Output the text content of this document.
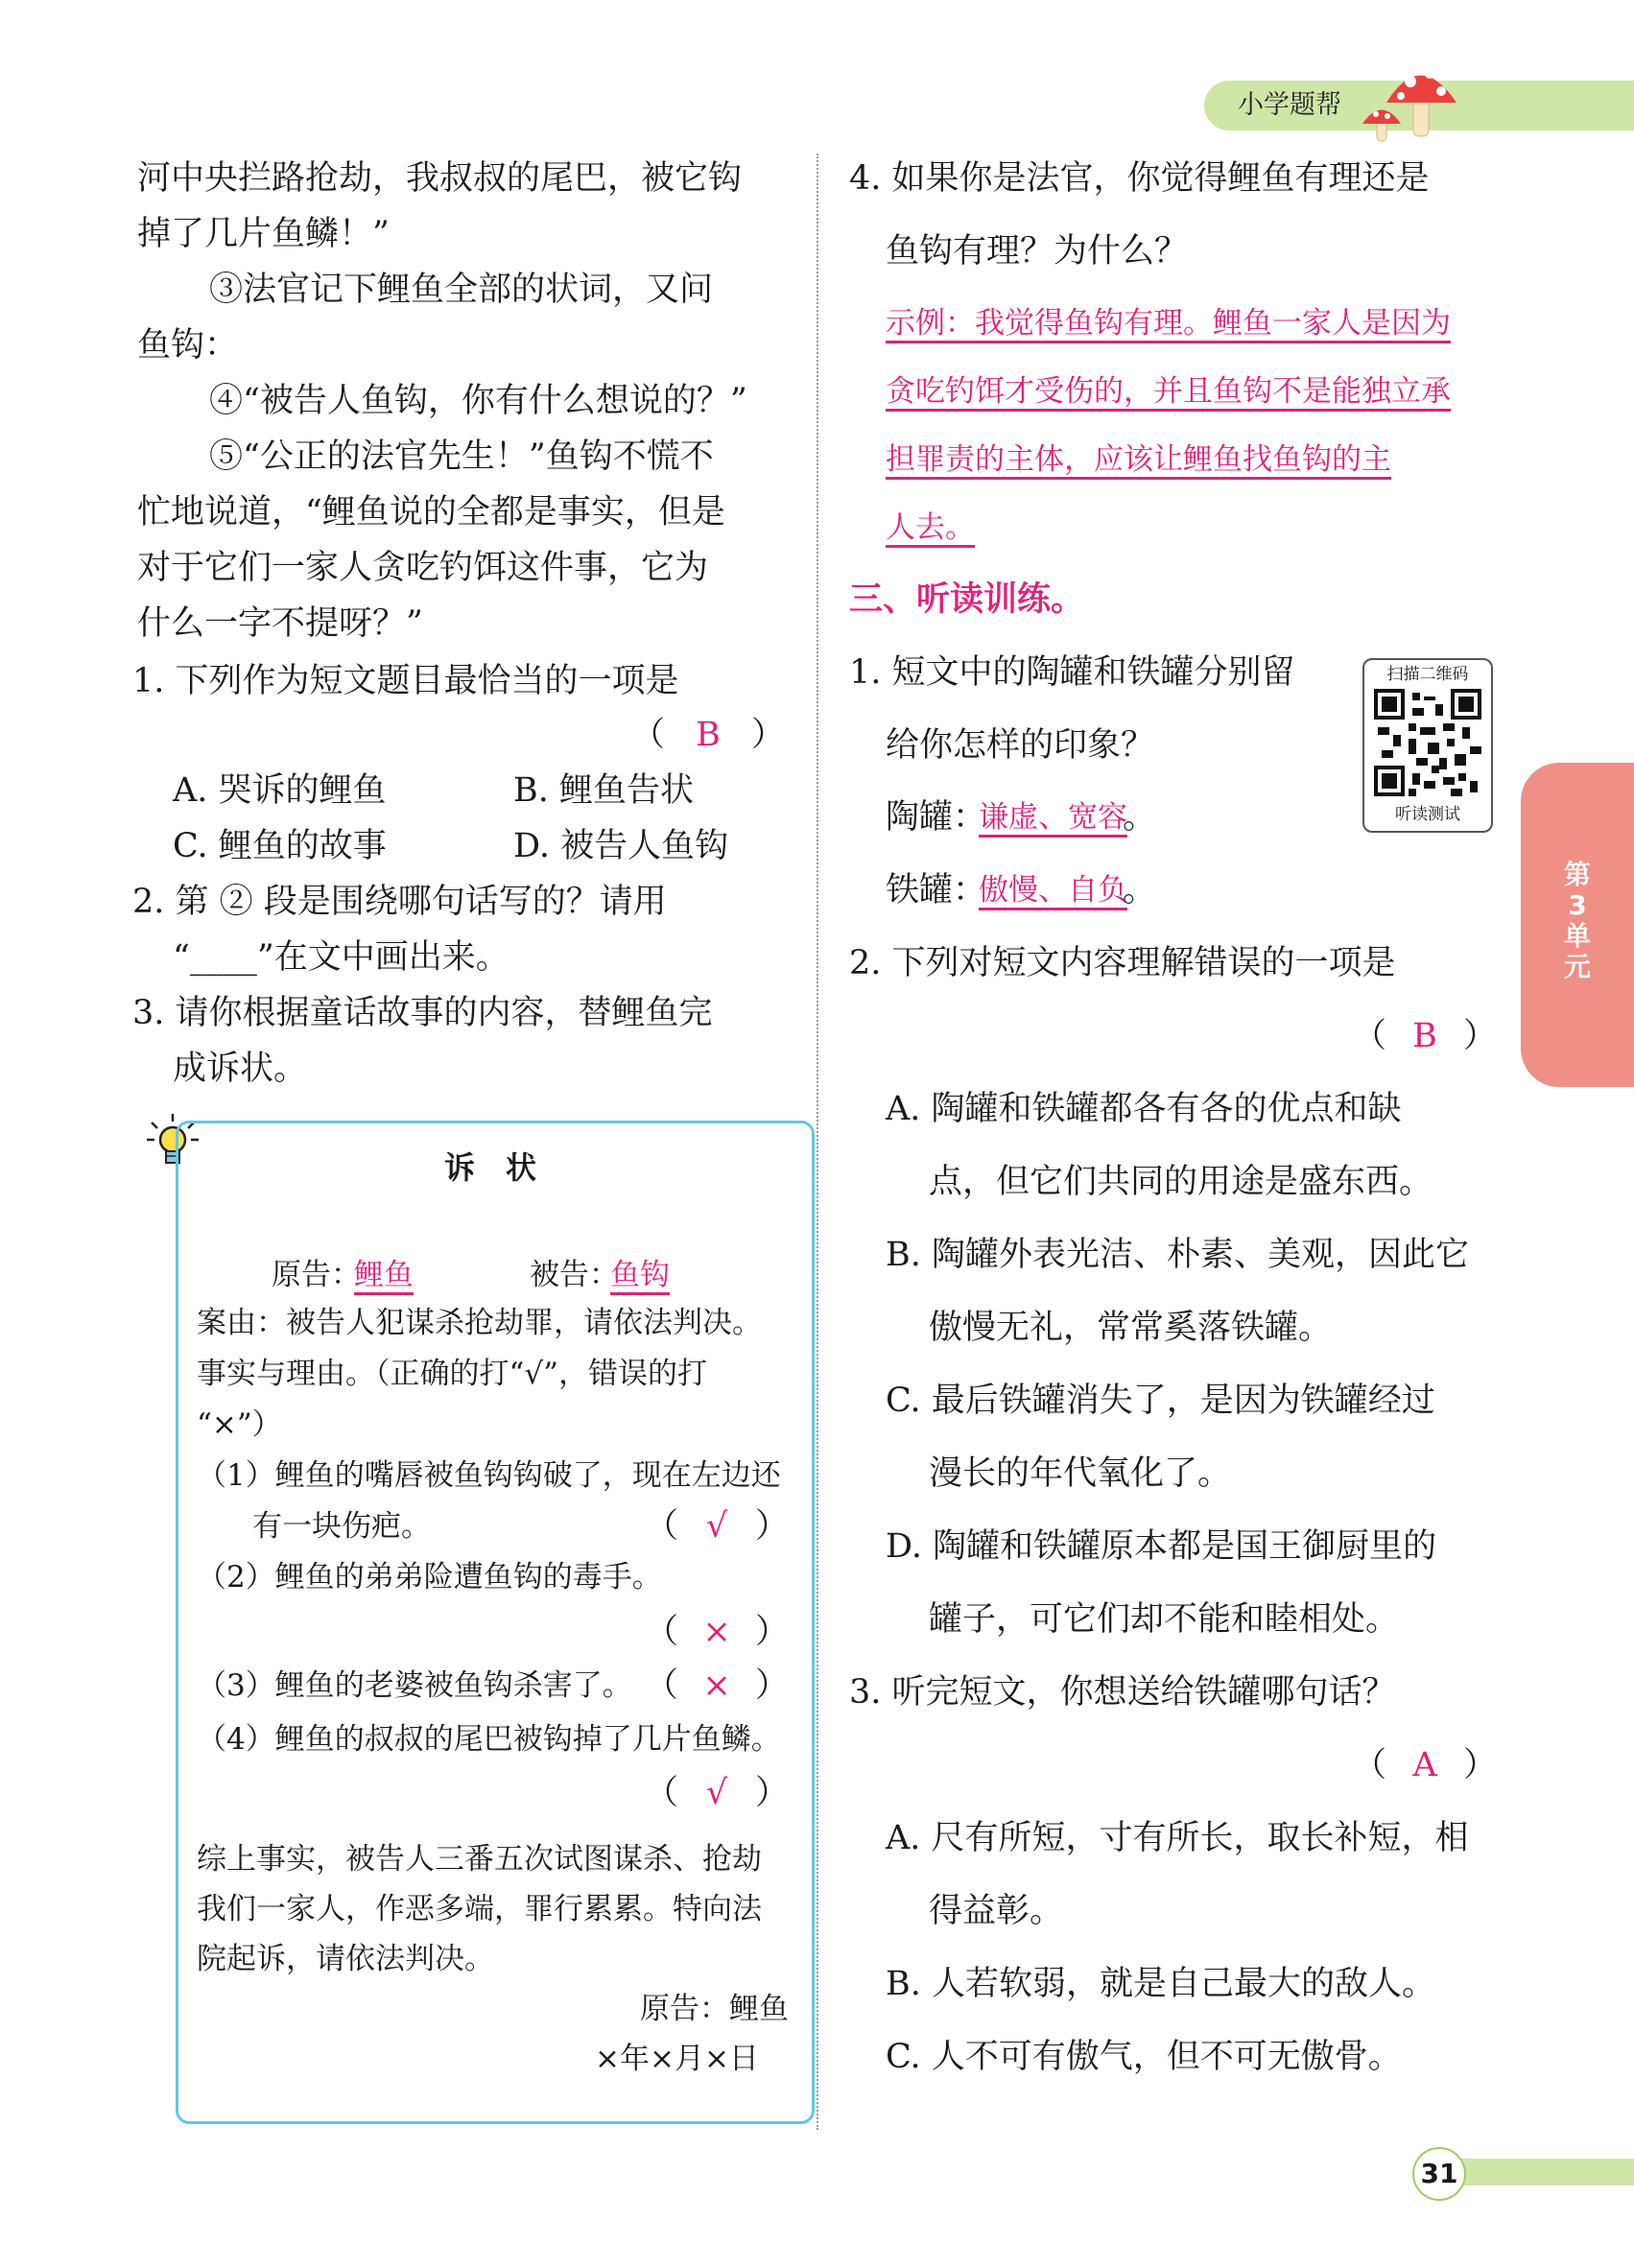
小学题帮
第
3
单
元
河中央拦路抢劫，我叔叔的尾巴，被它钩
掉了几片鱼鳞！”
③法官记下鲤鱼全部的状词，又问
鱼钩：
④“被告人鱼钩，你有什么想说的？”
⑤“公正的法官先生！”鱼钩不慌不
忙地说道，“鲤鱼说的全都是事实，但是
对于它们一家人贪吃钓饵这件事，它为
什么一字不提呀？”
1. 下列作为短文题目最恰当的一项是
（ B ）
A. 哭诉的鲤鱼	B. 鲤鱼告状
C. 鲤鱼的故事	D. 被告人鱼钩
2. 第 ② 段是围绕哪句话写的？请用
“____”在文中画出来。
3. 请你根据童话故事的内容，替鲤鱼完
成诉状。
诉　状
原告：
鲤鱼	被告：
鱼钩
案由：被告人犯谋杀抢劫罪，请依法判决。
事实与理由。（正确的打“√”，错误的打
“×”）
（1）鲤鱼的嘴唇被鱼钩钩破了，现在左边还
有一块伤疤。	（ √ ）
（2）鲤鱼的弟弟险遭鱼钩的毒手。
（ × ）
（3）鲤鱼的老婆被鱼钩杀害了。 （ × ）
（4）鲤鱼的叔叔的尾巴被钩掉了几片鱼鳞。
（ √ ）
综上事实，被告人三番五次试图谋杀、抢劫
我们一家人，作恶多端，罪行累累。特向法
院起诉，请依法判决。
原告：鲤鱼
×年×月×日
4. 如果你是法官，你觉得鲤鱼有理还是
鱼钩有理？为什么？
示例：我觉得鱼钩有理。鲤鱼一家人是因为
贪吃钓饵才受伤的，并且鱼钩不是能独立承
担罪责的主体，应该让鲤鱼找鱼钩的主
人去。
三、听读训练。
1. 短文中的陶罐和铁罐分别留
给你怎样的印象？
扫描二维码
听读测试
陶罐：
谦虚、宽容
。
铁罐：
傲慢、自负
。
2. 下列对短文内容理解错误的一项是
（ B ）
A. 陶罐和铁罐都各有各的优点和缺
点，但它们共同的用途是盛东西。
B. 陶罐外表光洁、朴素、美观，因此它
傲慢无礼，常常奚落铁罐。
C. 最后铁罐消失了，是因为铁罐经过
漫长的年代氧化了。
D. 陶罐和铁罐原本都是国王御厨里的
罐子，可它们却不能和睦相处。
3. 听完短文，你想送给铁罐哪句话？
（ A ）
A. 尺有所短，寸有所长，取长补短，相
得益彰。
B. 人若软弱，就是自己最大的敌人。
C. 人不可有傲气，但不可无傲骨。
31
